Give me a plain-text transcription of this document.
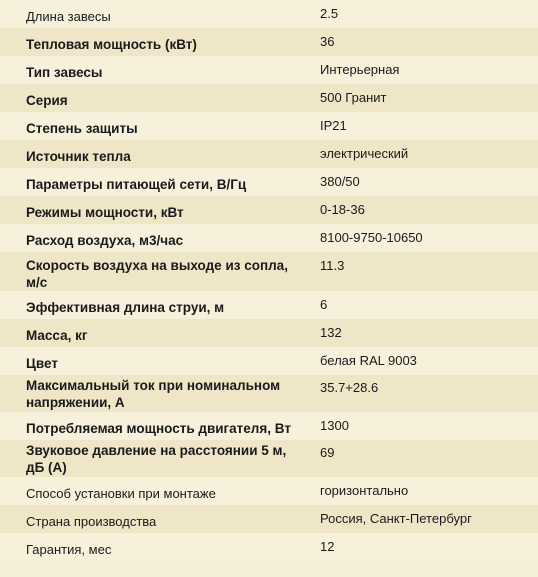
Длина завесы	2.5

Тепловая мощность (кВт)	36

Тип завесы	Интерьерная

Серия	500 Гранит

Степень защиты	IP21

Источник тепла	электрический

Параметры питающей сети, В/Гц	380/50

Режимы мощности, кВт	0-18-36

Расход воздуха, м3/час	8100-9750-10650

Скорость воздуха на выходе из сопла, м/с	11.3

Эффективная длина струи, м	6

Масса, кг	132

Цвет	белая RAL 9003

Максимальный ток при номинальном напряжении, А	35.7+28.6

Потребляемая мощность двигателя, Вт	1300

Звуковое давление на расстоянии 5 м, дБ (А)	69

Способ установки при монтаже	горизонтально

Страна производства	Россия, Санкт-Петербург

Гарантия, мес	12
